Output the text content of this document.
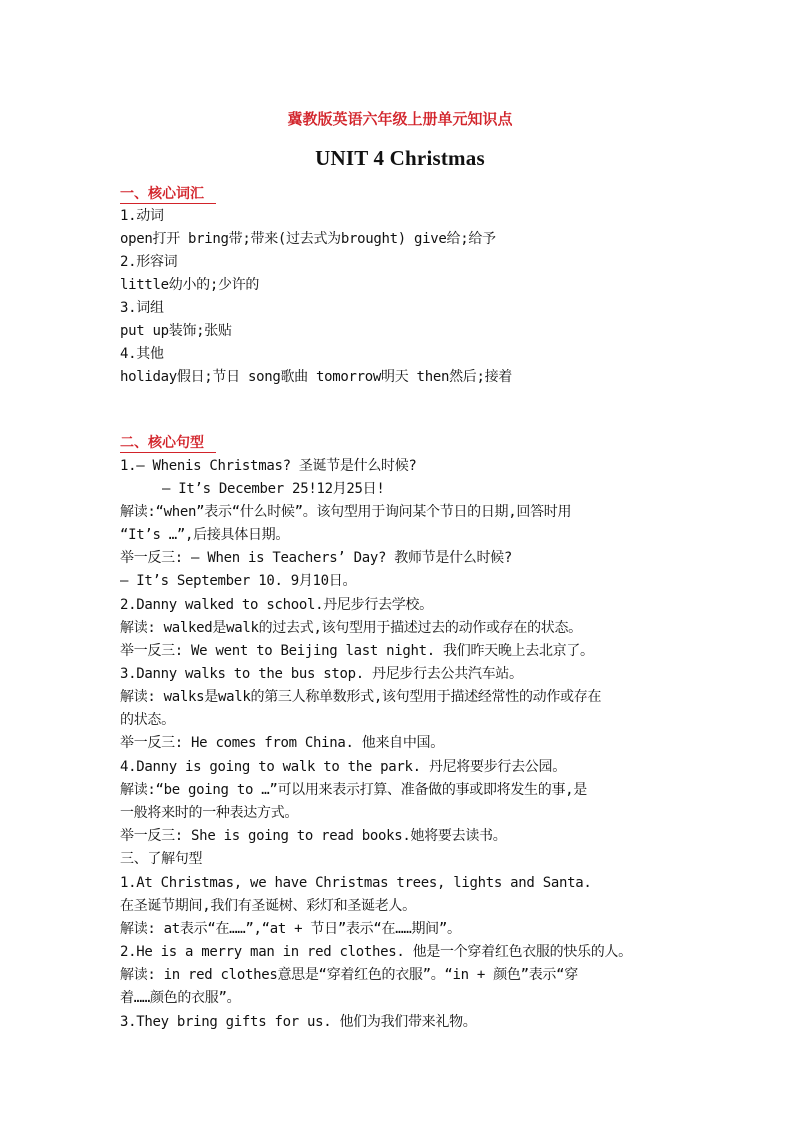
冀教版英语六年级上册单元知识点
UNIT 4 Christmas
一、核心词汇
1.动词
open打开 bring带;带来(过去式为brought) give给;给予
2.形容词
little幼小的;少许的
3.词组
put up装饰;张贴
4.其他
holiday假日;节日 song歌曲 tomorrow明天 then然后;接着
二、核心句型
1.— Whenis Christmas? 圣诞节是什么时候?
— It’s December 25!12月25日!
解读:“when”表示“什么时候”。该句型用于询问某个节日的日期,回答时用
“It’s …”,后接具体日期。
举一反三: — When is Teachers’ Day? 教师节是什么时候?
— It’s September 10. 9月10日。
2.Danny walked to school.丹尼步行去学校。
解读: walked是walk的过去式,该句型用于描述过去的动作或存在的状态。
举一反三: We went to Beijing last night. 我们昨天晚上去北京了。
3.Danny walks to the bus stop. 丹尼步行去公共汽车站。
解读: walks是walk的第三人称单数形式,该句型用于描述经常性的动作或存在
的状态。
举一反三: He comes from China. 他来自中国。
4.Danny is going to walk to the park. 丹尼将要步行去公园。
解读:“be going to …”可以用来表示打算、准备做的事或即将发生的事,是
一般将来时的一种表达方式。
举一反三: She is going to read books.她将要去读书。
三、了解句型
1.At Christmas, we have Christmas trees, lights and Santa.
在圣诞节期间,我们有圣诞树、彩灯和圣诞老人。
解读: at表示“在……”,“at + 节日”表示“在……期间”。
2.He is a merry man in red clothes. 他是一个穿着红色衣服的快乐的人。
解读: in red clothes意思是“穿着红色的衣服”。“in + 颜色”表示“穿
着……颜色的衣服”。
3.They bring gifts for us. 他们为我们带来礼物。
